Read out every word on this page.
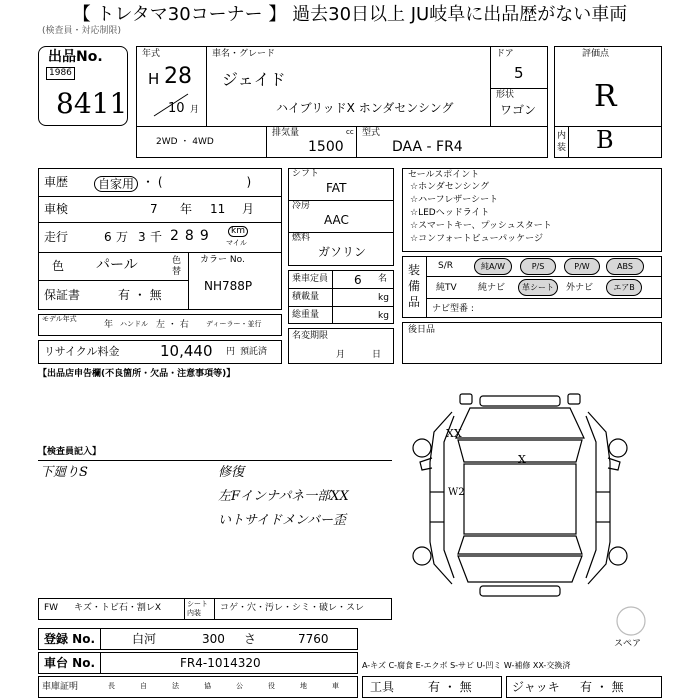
【 トレタマ30コーナー 】 過去30日以上 JU岐阜に出品歴がない車両
(検査員・対応制限)
出品No.
1986
8411
年式
H 28
10 月
車名・グレード
ジェイド
ハイブリッドX ホンダセンシング
ドア
5
形状
ワゴン
2WD ・ 4WD
排気量	cc
1500
型式
DAA - FR4
評価点
R
内装 B
車歴	自家用 ・ (　　　　　　　)
車検	7 年 11 月
走行	6 万 3 千 289	km
マイル
色 パール	色替
カラー No.
NH788P
保証書	有 ・ 無
モデル年式
年 ハンドル 左 ・ 右 ディーラー・並行
リサイクル料金	10,440 円 預託済
シフト
FAT
冷房
AAC
燃料
ガソリン
乗車定員 6 名
積載量	kg
総重量	kg
名変期限
月	日
セールスポイント
☆ホンダセンシング
☆ハーフレザーシート
☆LEDヘッドライト
☆スマートキー、プッシュスタート
☆コンフォートビューパッケージ
装備品
S/R	純A/W	P/S	P/W	ABS
純TV 純ナビ	革シート	外ナビ	エアB
ナビ型番 :
後日品
【出品店申告欄(不良箇所・欠品・注意事項等)】
【検査員記入】
下廻りS	修復
左Fインナパネ一部XX
いトサイドメンバー歪
XX
X
W2
FW キズ・トビ石・割レX	シート内装	コゲ・穴・汚レ・シミ・破レ・スレ
スペア
登録 No.	白河	300 さ	7760
車台 No.	FR4-1014320	A-キズ C-腐食 E-エクボ S-サビ U-凹ミ W-補修 XX-交換済
車庫証明	長	自	法	協	公	役	地	車	工具	有 ・ 無	ジャッキ 有 ・ 無
